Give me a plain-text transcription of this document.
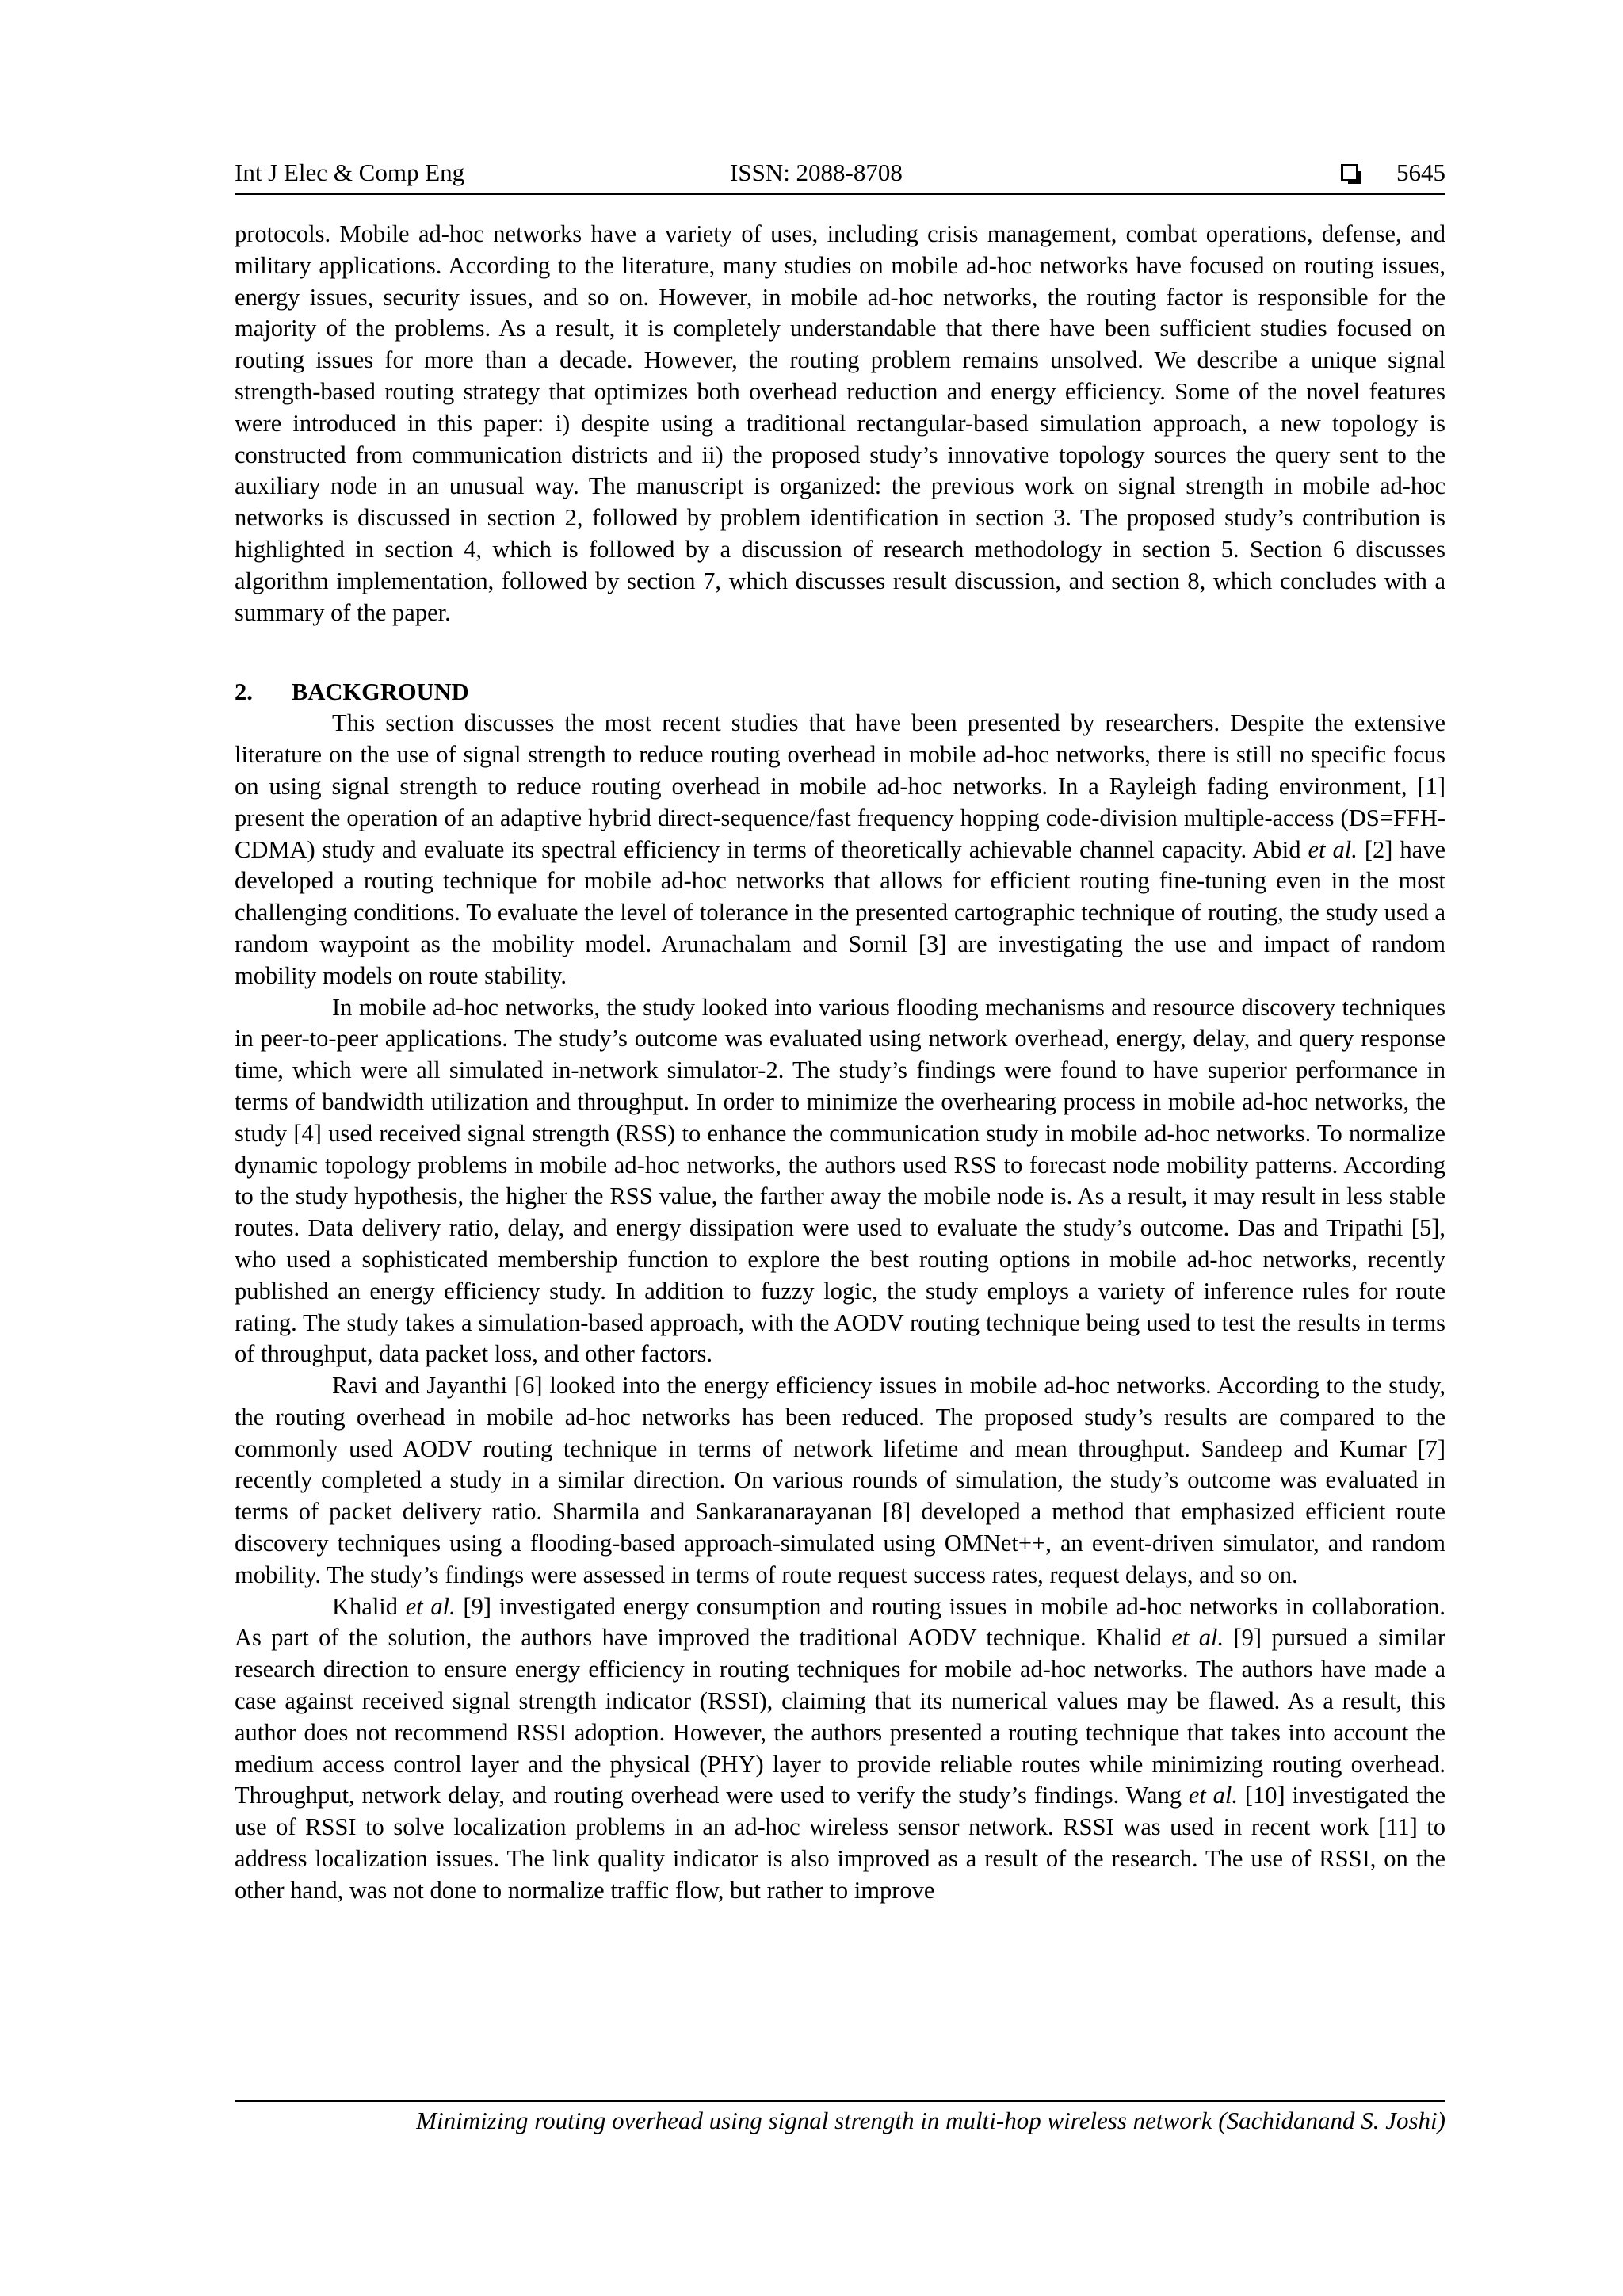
Int J Elec & Comp Eng	ISSN: 2088-8708	5645

protocols. Mobile ad-hoc networks have a variety of uses, including crisis management, combat operations, defense, and military applications. According to the literature, many studies on mobile ad-hoc networks have focused on routing issues, energy issues, security issues, and so on. However, in mobile ad-hoc networks, the routing factor is responsible for the majority of the problems. As a result, it is completely understandable that there have been sufficient studies focused on routing issues for more than a decade. However, the routing problem remains unsolved. We describe a unique signal strength-based routing strategy that optimizes both overhead reduction and energy efficiency. Some of the novel features were introduced in this paper: i) despite using a traditional rectangular-based simulation approach, a new topology is constructed from communication districts and ii) the proposed study’s innovative topology sources the query sent to the auxiliary node in an unusual way. The manuscript is organized: the previous work on signal strength in mobile ad-hoc networks is discussed in section 2, followed by problem identification in section 3. The proposed study’s contribution is highlighted in section 4, which is followed by a discussion of research methodology in section 5. Section 6 discusses algorithm implementation, followed by section 7, which discusses result discussion, and section 8, which concludes with a summary of the paper.

2. BACKGROUND

This section discusses the most recent studies that have been presented by researchers. Despite the extensive literature on the use of signal strength to reduce routing overhead in mobile ad-hoc networks, there is still no specific focus on using signal strength to reduce routing overhead in mobile ad-hoc networks. In a Rayleigh fading environment, [1] present the operation of an adaptive hybrid direct-sequence/fast frequency hopping code-division multiple-access (DS=FFH-CDMA) study and evaluate its spectral efficiency in terms of theoretically achievable channel capacity. Abid et al. [2] have developed a routing technique for mobile ad-hoc networks that allows for efficient routing fine-tuning even in the most challenging conditions. To evaluate the level of tolerance in the presented cartographic technique of routing, the study used a random waypoint as the mobility model. Arunachalam and Sornil [3] are investigating the use and impact of random mobility models on route stability.

In mobile ad-hoc networks, the study looked into various flooding mechanisms and resource discovery techniques in peer-to-peer applications. The study’s outcome was evaluated using network overhead, energy, delay, and query response time, which were all simulated in-network simulator-2. The study’s findings were found to have superior performance in terms of bandwidth utilization and throughput. In order to minimize the overhearing process in mobile ad-hoc networks, the study [4] used received signal strength (RSS) to enhance the communication study in mobile ad-hoc networks. To normalize dynamic topology problems in mobile ad-hoc networks, the authors used RSS to forecast node mobility patterns. According to the study hypothesis, the higher the RSS value, the farther away the mobile node is. As a result, it may result in less stable routes. Data delivery ratio, delay, and energy dissipation were used to evaluate the study’s outcome. Das and Tripathi [5], who used a sophisticated membership function to explore the best routing options in mobile ad-hoc networks, recently published an energy efficiency study. In addition to fuzzy logic, the study employs a variety of inference rules for route rating. The study takes a simulation-based approach, with the AODV routing technique being used to test the results in terms of throughput, data packet loss, and other factors.

Ravi and Jayanthi [6] looked into the energy efficiency issues in mobile ad-hoc networks. According to the study, the routing overhead in mobile ad-hoc networks has been reduced. The proposed study’s results are compared to the commonly used AODV routing technique in terms of network lifetime and mean throughput. Sandeep and Kumar [7] recently completed a study in a similar direction. On various rounds of simulation, the study’s outcome was evaluated in terms of packet delivery ratio. Sharmila and Sankaranarayanan [8] developed a method that emphasized efficient route discovery techniques using a flooding-based approach-simulated using OMNet++, an event-driven simulator, and random mobility. The study’s findings were assessed in terms of route request success rates, request delays, and so on.

Khalid et al. [9] investigated energy consumption and routing issues in mobile ad-hoc networks in collaboration. As part of the solution, the authors have improved the traditional AODV technique. Khalid et al. [9] pursued a similar research direction to ensure energy efficiency in routing techniques for mobile ad-hoc networks. The authors have made a case against received signal strength indicator (RSSI), claiming that its numerical values may be flawed. As a result, this author does not recommend RSSI adoption. However, the authors presented a routing technique that takes into account the medium access control layer and the physical (PHY) layer to provide reliable routes while minimizing routing overhead. Throughput, network delay, and routing overhead were used to verify the study’s findings. Wang et al. [10] investigated the use of RSSI to solve localization problems in an ad-hoc wireless sensor network. RSSI was used in recent work [11] to address localization issues. The link quality indicator is also improved as a result of the research. The use of RSSI, on the other hand, was not done to normalize traffic flow, but rather to improve

Minimizing routing overhead using signal strength in multi-hop wireless network (Sachidanand S. Joshi)
